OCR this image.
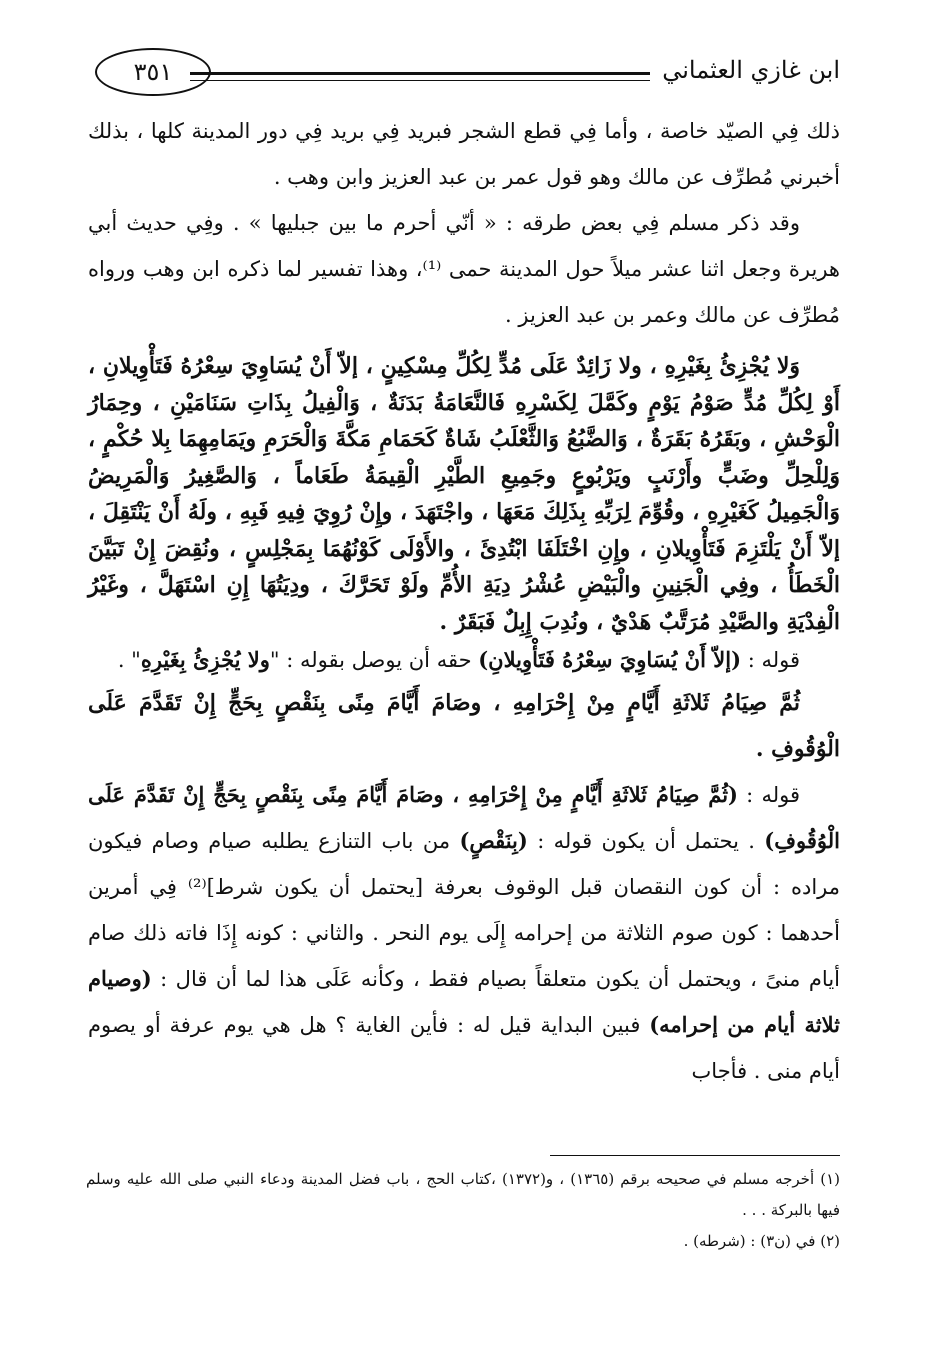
ابن غازي العثماني
٣٥١

ذلك فِي الصيّد خاصة ، وأما فِي قطع الشجر فبريد فِي بريد فِي دور المدينة كلها ، بذلك أخبرني مُطرِّف عن مالك وهو قول عمر بن عبد العزيز وابن وهب .

وقد ذكر مسلم فِي بعض طرقه : « أنّي أحرم ما بين جبليها » . وفِي حديث أبي هريرة وجعل اثنا عشر ميلاً حول المدينة حمى ⁽¹⁾، وهذا تفسير لما ذكره ابن وهب ورواه مُطرِّف عن مالك وعمر بن عبد العزيز .

وَلا يُجْزِئُ بِغَيْرِهِ ، ولا زَائِدٌ عَلَى مُدٍّ لِكُلِّ مِسْكِينٍ ، إلاّ أَنْ يُسَاوِيَ سِعْرُهُ فَتَأْوِيلانِ ، أَوْ لِكُلِّ مُدٍّ صَوْمُ يَوْمٍ وكَمَّلَ لِكَسْرِهِ فَالنَّعَامَةُ بَدَنَةٌ ، وَالْفِيلُ بِذَاتِ سَنَامَيْنِ ، وحِمَارُ الْوَحْشِ ، وبَقَرُهُ بَقَرَةٌ ، وَالضَّبُعُ وَالثَّعْلَبُ شَاةٌ كَحَمَامِ مَكَّةَ وَالْحَرَمِ ويَمَامِهِمَا بِلا حُكْمٍ ، وَلِلْحِلِّ وضَبٍّ وأَرْنَبٍ ويَرْبُوعٍ وجَمِيعِ الطَّيْرِ الْقِيمَةُ طَعَاماً ، وَالصَّغِيرُ وَالْمَرِيضُ وَالْجَمِيلُ كَغَيْرِهِ ، وقُوِّمَ لِرَبِّهِ بِذَلِكَ مَعَهَا ، واجْتَهَدَ ، وإِنْ رُوِيَ فِيهِ فَبِهِ ، ولَهُ أَنْ يَنْتَقِلَ ، إلاّ أَنْ يَلْتَزِمَ فَتَأْوِيلانِ ، وإِنِ اخْتَلَفَا ابْتُدِئَ ، والأَوْلَى كَوْنُهُمَا بِمَجْلِسٍ ، ونُقِضَ إِنْ تَبَيَّنَ الْخَطَأُ ، وفِي الْجَنِينِ والْبَيْضِ عُشْرُ دِيَةِ الأُمِّ ولَوْ تَحَرَّكَ ، ودِيَتُهَا إِنِ اسْتَهَلَّ ، وغَيْرُ الْفِدْيَةِ والصَّيْدِ مُرَتَّبٌ هَدْيٌ ، ونُدِبَ إِبِلٌ فَبَقَرٌ .

قوله : (إلاّ أَنْ يُسَاوِيَ سِعْرُهُ فَتَأْوِيلانِ) حقه أن يوصل بقوله : "ولا يُجْزِئُ بِغَيْرِهِ" .

ثُمَّ صِيَامُ ثَلاثَةِ أَيَّامٍ مِنْ إِحْرَامِهِ ، وصَامَ أَيَّامَ مِنًى بِنَقْصٍ بِحَجٍّ إِنْ تَقَدَّمَ عَلَى الْوُقُوفِ .

قوله : (ثُمَّ صِيَامُ ثَلاثَةِ أَيَّامٍ مِنْ إِحْرَامِهِ ، وصَامَ أَيَّامَ مِنًى بِنَقْصٍ بِحَجٍّ إِنْ تَقَدَّمَ عَلَى الْوُقُوفِ) . يحتمل أن يكون قوله : (بِنَقْصٍ) من باب التنازع يطلبه صيام وصام فيكون مراده : أن كون النقصان قبل الوقوف بعرفة [يحتمل أن يكون شرط]⁽²⁾ فِي أمرين أحدهما : كون صوم الثلاثة من إحرامه إِلَى يوم النحر . والثاني : كونه إِذَا فاته ذلك صام أيام منىً ، ويحتمل أن يكون متعلقاً بصيام فقط ، وكأنه عَلَى هذا لما أن قال : (وصيام ثلاثة أيام من إحرامه) فبين البداية قيل له : فأين الغاية ؟ هل هي يوم عرفة أو يصوم أيام منى . فأجاب

(١) أخرجه مسلم في صحيحه برقم (١٣٦٥) ، و(١٣٧٢) ،كتاب الحج ، باب فضل المدينة ودعاء النبي صلى الله عليه وسلم فيها بالبركة . . .

(٢) في (ن٣) : (شرطه) .
